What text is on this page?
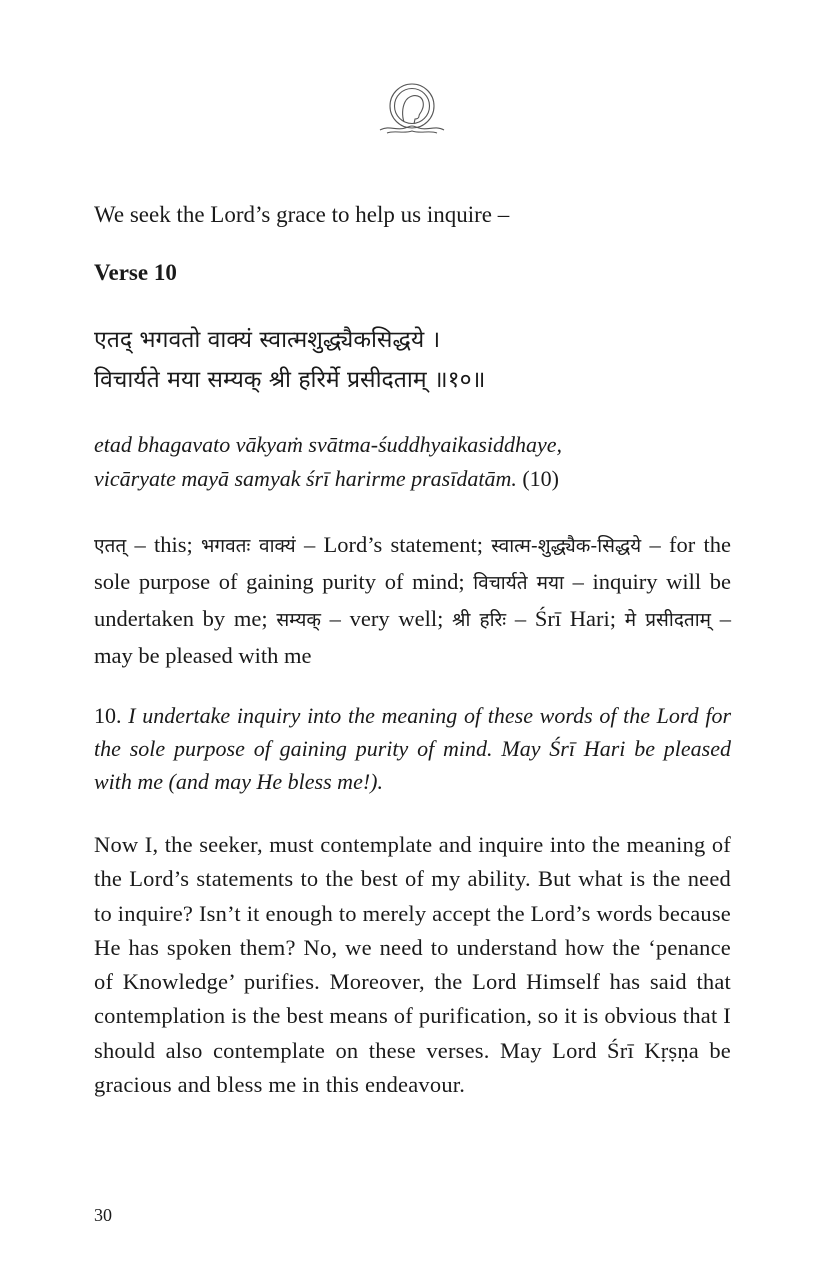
We seek the Lord’s grace to help us inquire –
Verse 10
एतद् भगवतो वाक्यं स्वात्मशुद्ध्यैकसिद्धये ।
विचार्यते मया सम्यक् श्री हरिर्मे प्रसीदताम् ॥१०॥
etad bhagavato vākyaṁ svātma-śuddhyaikasiddhaye,
vicāryate mayā samyak śrī harirme prasīdatām. (10)
एतत् – this; भगवतः वाक्यं – Lord’s statement; स्वात्म-शुद्ध्यैक-सिद्धये – for the sole purpose of gaining purity of mind; विचार्यते मया – inquiry will be undertaken by me; सम्यक् – very well; श्री हरिः – Śrī Hari; मे प्रसीदताम् – may be pleased with me
10. I undertake inquiry into the meaning of these words of the Lord for the sole purpose of gaining purity of mind. May Śrī Hari be pleased with me (and may He bless me!).
Now I, the seeker, must contemplate and inquire into the meaning of the Lord’s statements to the best of my ability. But what is the need to inquire? Isn’t it enough to merely accept the Lord’s words because He has spoken them? No, we need to understand how the ‘penance of Knowledge’ purifies. Moreover, the Lord Himself has said that contemplation is the best means of purification, so it is obvious that I should also contemplate on these verses. May Lord Śrī Kṛṣṇa be gracious and bless me in this endeavour.
30
